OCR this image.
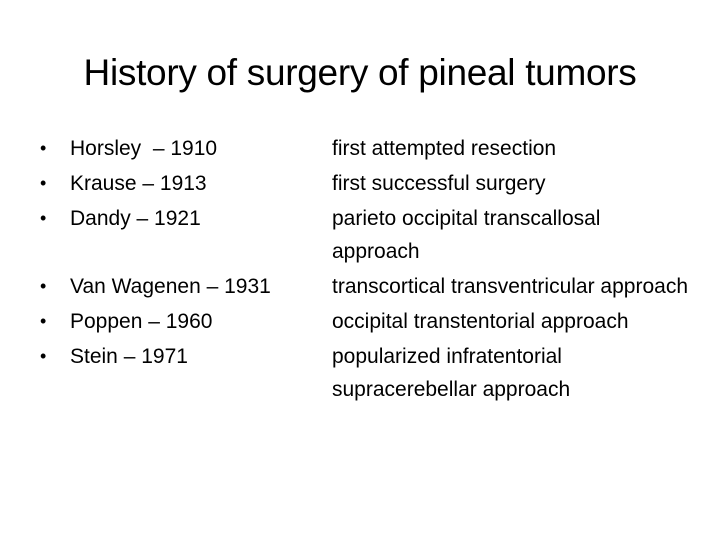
History of surgery of pineal tumors
•	Horsley  – 1910	first attempted resection
•	Krause – 1913	first successful surgery
•	Dandy – 1921	parieto occipital transcallosal approach
•	Van Wagenen – 1931	transcortical transventricular approach
•	Poppen – 1960	occipital transtentorial approach
•	Stein – 1971	popularized infratentorial supracerebellar approach
